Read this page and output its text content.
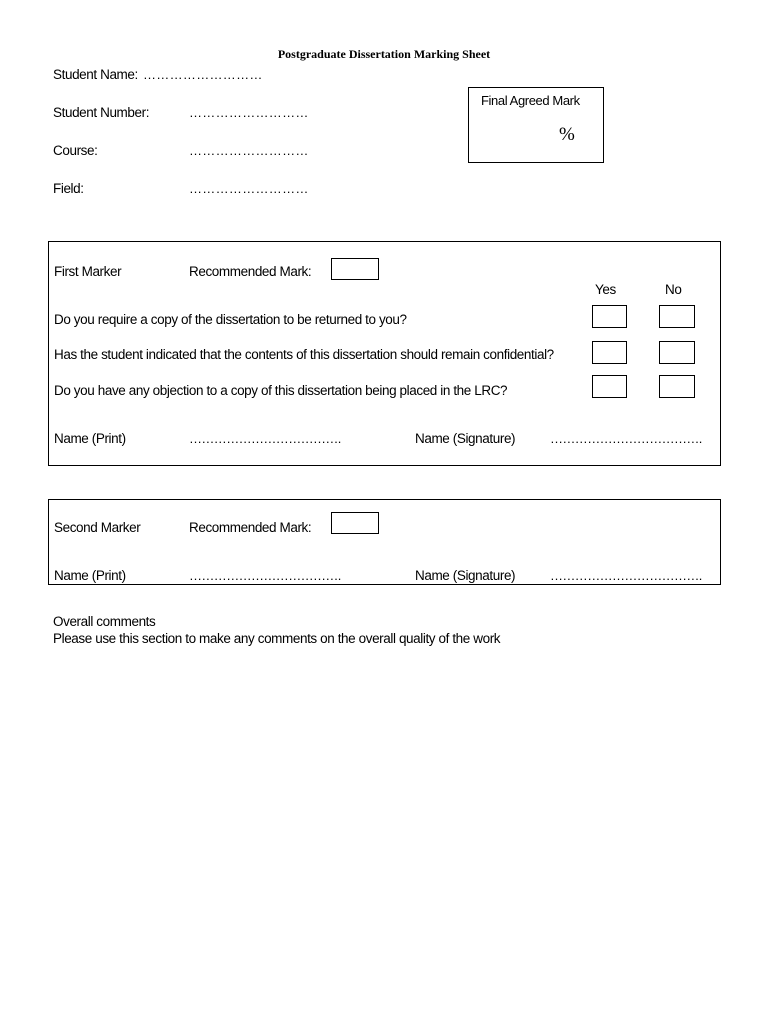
Postgraduate Dissertation Marking Sheet
Student Name: ………………………
Student Number:	………………………
Course:	………………………
Field:	………………………
Final Agreed Mark
%
First Marker	Recommended Mark:
Yes	No
Do you require a copy of the dissertation to be returned to you?
Has the student indicated that the contents of this dissertation should remain confidential?
Do you have any objection to a copy of this dissertation being placed in the LRC?
Name (Print)	……………………………….	Name (Signature)	……………………………….
Second Marker	Recommended Mark:
Name (Print)	……………………………….	Name (Signature)	……………………………….
Overall comments
Please use this section to make any comments on the overall quality of the work
